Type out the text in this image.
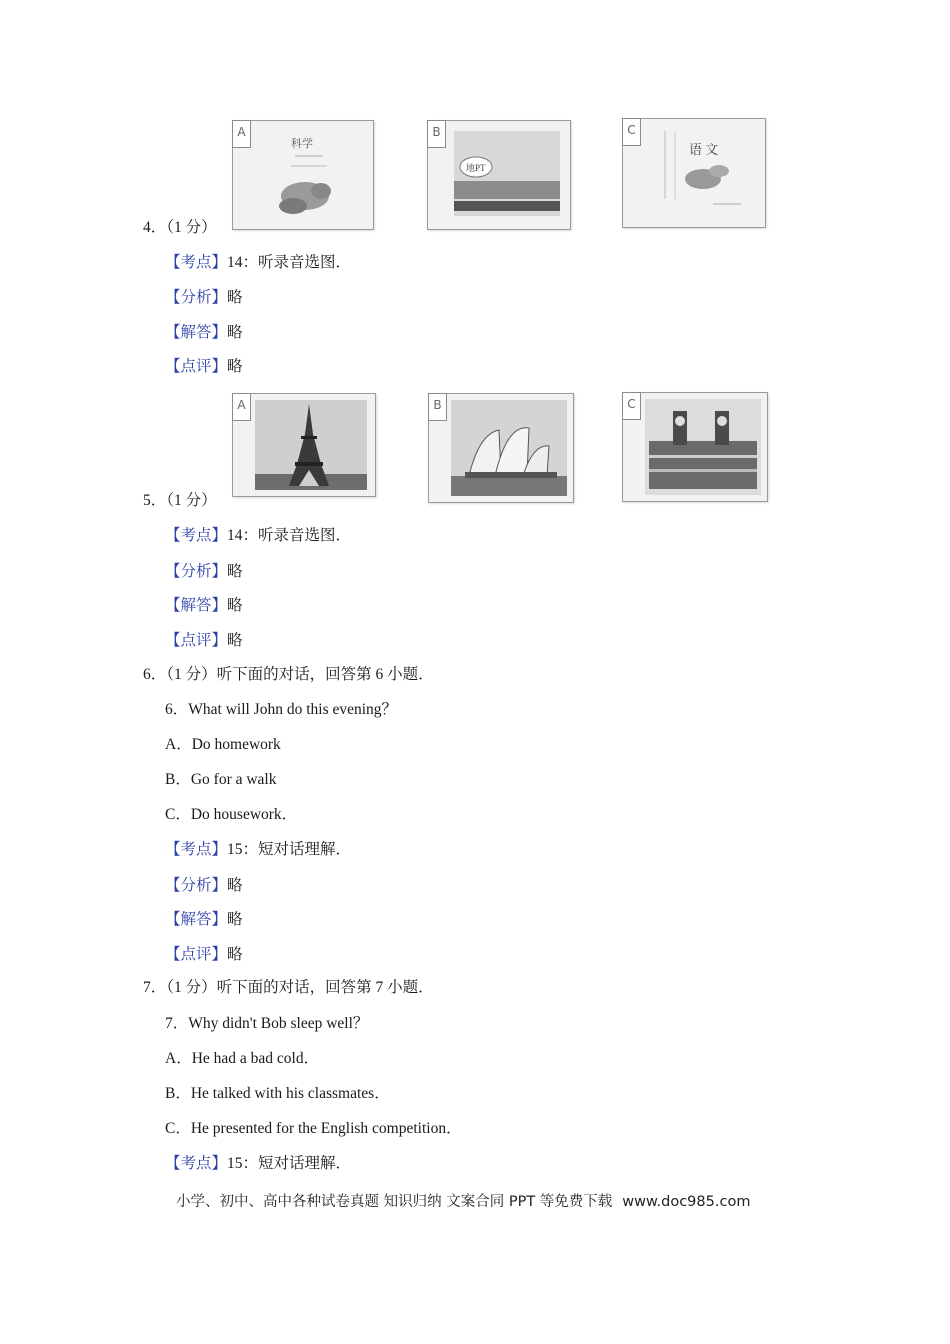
A
科学
B
地PT
C
语 文
4．（1 分）
【考点】14：听录音选图．
【分析】略
【解答】略
【点评】略
A	B	C
5．（1 分）
【考点】14：听录音选图．
【分析】略
【解答】略
【点评】略
6．（1 分）听下面的对话，回答第 6 小题．
6．What will John do this evening？
A．Do homework
B．Go for a walk
C．Do housework．
【考点】15：短对话理解．
【分析】略
【解答】略
【点评】略
7．（1 分）听下面的对话，回答第 7 小题．
7．Why didn't Bob sleep well？
A．He had a bad cold．
B．He talked with his classmates．
C．He presented for the English competition．
【考点】15：短对话理解．
小学、初中、高中各种试卷真题 知识归纳 文案合同 PPT 等免费下载 www.doc985.com
